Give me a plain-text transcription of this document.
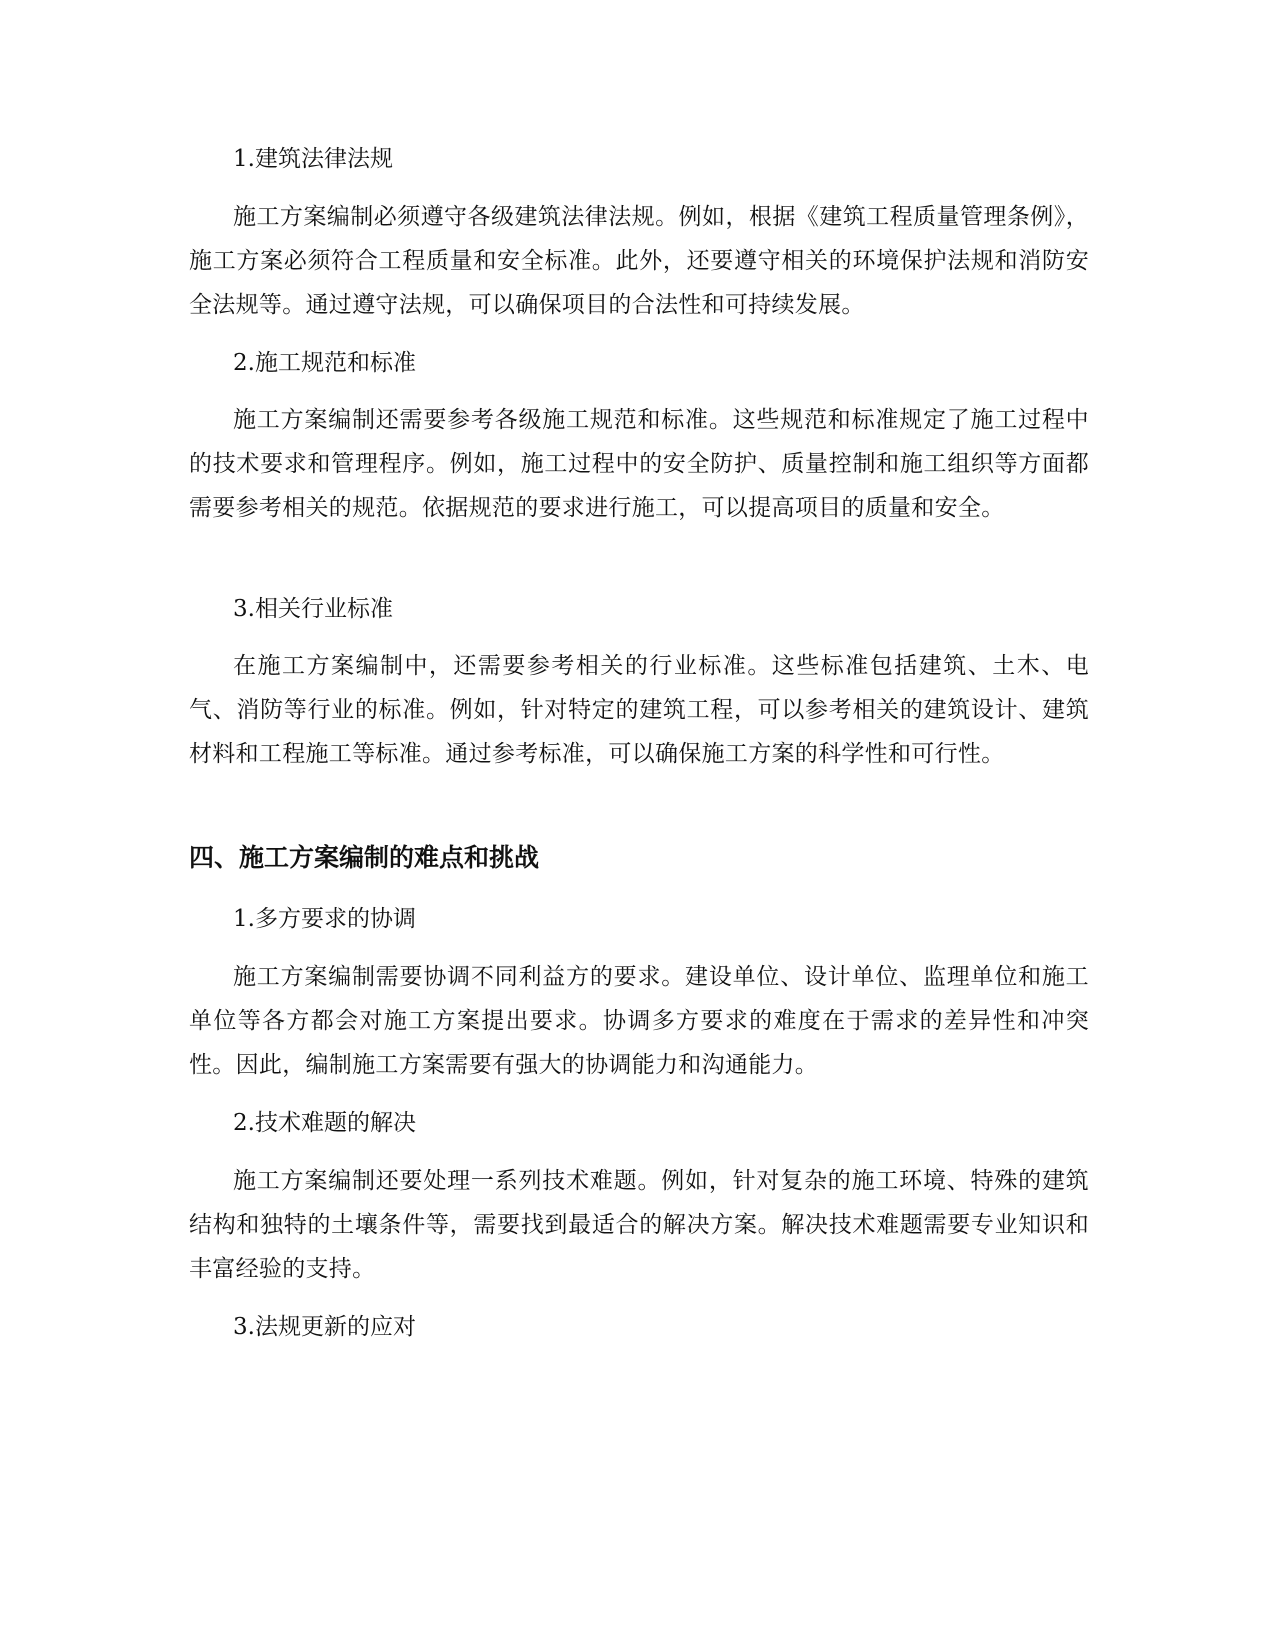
1.建筑法律法规

施工方案编制必须遵守各级建筑法律法规。例如，根据《建筑工程质量管理条例》，施工方案必须符合工程质量和安全标准。此外，还要遵守相关的环境保护法规和消防安全法规等。通过遵守法规，可以确保项目的合法性和可持续发展。

2.施工规范和标准

施工方案编制还需要参考各级施工规范和标准。这些规范和标准规定了施工过程中的技术要求和管理程序。例如，施工过程中的安全防护、质量控制和施工组织等方面都需要参考相关的规范。依据规范的要求进行施工，可以提高项目的质量和安全。

3.相关行业标准

在施工方案编制中，还需要参考相关的行业标准。这些标准包括建筑、土木、电气、消防等行业的标准。例如，针对特定的建筑工程，可以参考相关的建筑设计、建筑材料和工程施工等标准。通过参考标准，可以确保施工方案的科学性和可行性。

四、施工方案编制的难点和挑战

1.多方要求的协调

施工方案编制需要协调不同利益方的要求。建设单位、设计单位、监理单位和施工单位等各方都会对施工方案提出要求。协调多方要求的难度在于需求的差异性和冲突性。因此，编制施工方案需要有强大的协调能力和沟通能力。

2.技术难题的解决

施工方案编制还要处理一系列技术难题。例如，针对复杂的施工环境、特殊的建筑结构和独特的土壤条件等，需要找到最适合的解决方案。解决技术难题需要专业知识和丰富经验的支持。

3.法规更新的应对
